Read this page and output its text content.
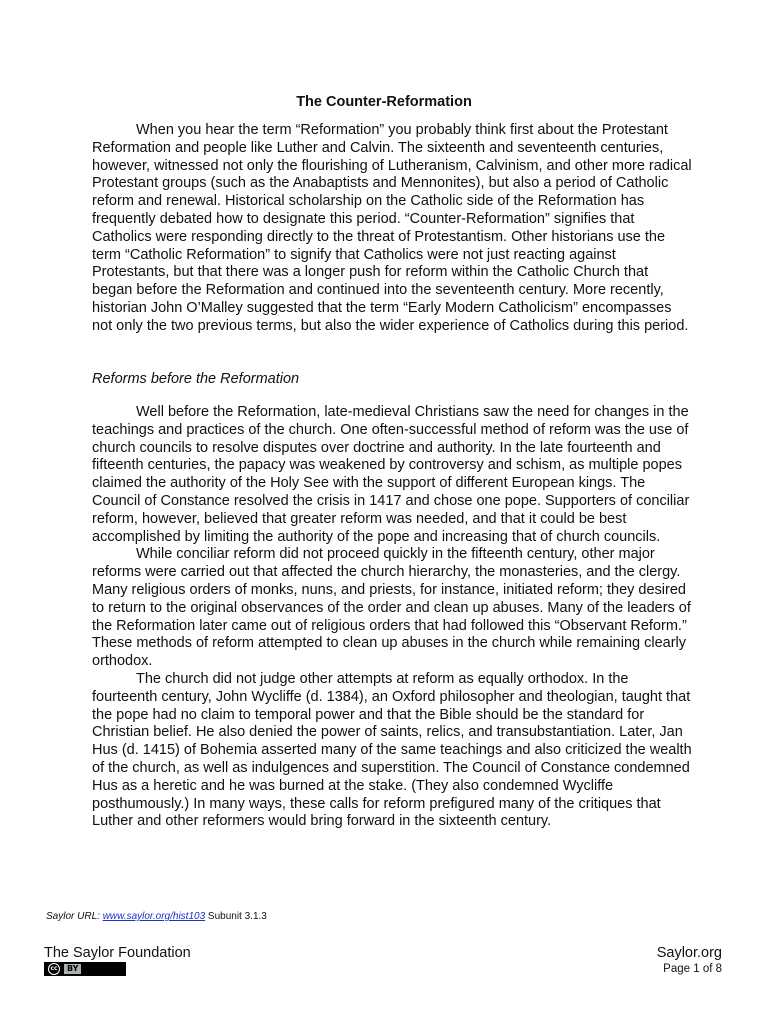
The Counter-Reformation

When you hear the term “Reformation” you probably think first about the Protestant Reformation and people like Luther and Calvin. The sixteenth and seventeenth centuries, however, witnessed not only the flourishing of Lutheranism, Calvinism, and other more radical Protestant groups (such as the Anabaptists and Mennonites), but also a period of Catholic reform and renewal. Historical scholarship on the Catholic side of the Reformation has frequently debated how to designate this period. “Counter-Reformation” signifies that Catholics were responding directly to the threat of Protestantism. Other historians use the term “Catholic Reformation” to signify that Catholics were not just reacting against Protestants, but that there was a longer push for reform within the Catholic Church that began before the Reformation and continued into the seventeenth century. More recently, historian John O’Malley suggested that the term “Early Modern Catholicism” encompasses not only the two previous terms, but also the wider experience of Catholics during this period.

Reforms before the Reformation

Well before the Reformation, late-medieval Christians saw the need for changes in the teachings and practices of the church. One often-successful method of reform was the use of church councils to resolve disputes over doctrine and authority. In the late fourteenth and fifteenth centuries, the papacy was weakened by controversy and schism, as multiple popes claimed the authority of the Holy See with the support of different European kings. The Council of Constance resolved the crisis in 1417 and chose one pope. Supporters of conciliar reform, however, believed that greater reform was needed, and that it could be best accomplished by limiting the authority of the pope and increasing that of church councils.

While conciliar reform did not proceed quickly in the fifteenth century, other major reforms were carried out that affected the church hierarchy, the monasteries, and the clergy. Many religious orders of monks, nuns, and priests, for instance, initiated reform; they desired to return to the original observances of the order and clean up abuses. Many of the leaders of the Reformation later came out of religious orders that had followed this “Observant Reform.” These methods of reform attempted to clean up abuses in the church while remaining clearly orthodox.

The church did not judge other attempts at reform as equally orthodox. In the fourteenth century, John Wycliffe (d. 1384), an Oxford philosopher and theologian, taught that the pope had no claim to temporal power and that the Bible should be the standard for Christian belief. He also denied the power of saints, relics, and transubstantiation. Later, Jan Hus (d. 1415) of Bohemia asserted many of the same teachings and also criticized the wealth of the church, as well as indulgences and superstition. The Council of Constance condemned Hus as a heretic and he was burned at the stake. (They also condemned Wycliffe posthumously.) In many ways, these calls for reform prefigured many of the critiques that Luther and other reformers would bring forward in the sixteenth century.

Saylor URL: www.saylor.org/hist103 Subunit 3.1.3
The Saylor Foundation
cc	BY
Saylor.org
Page 1 of 8
